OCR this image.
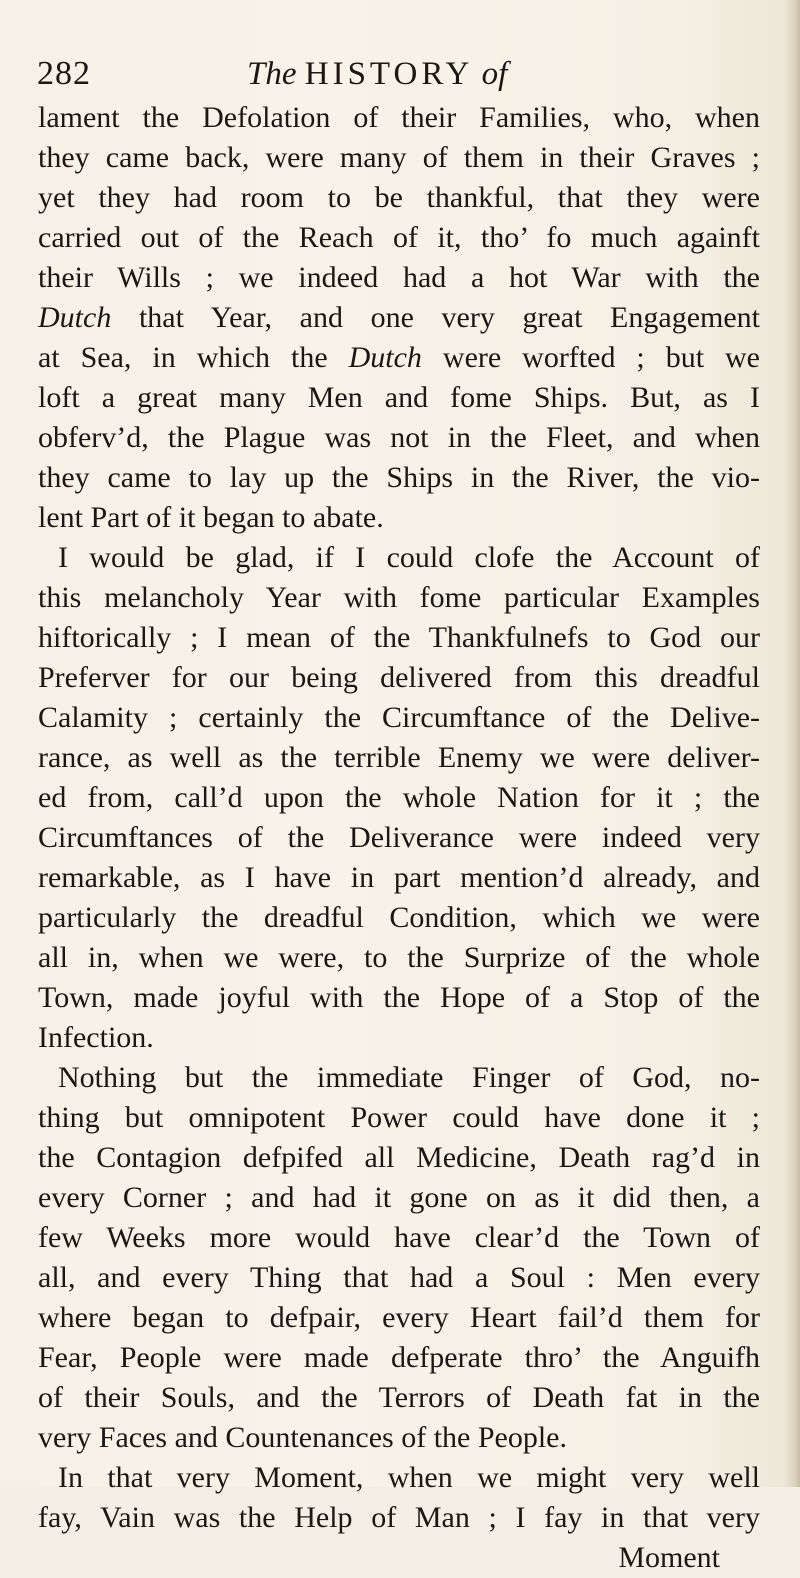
282	The HISTORY of
lament the Defolation of their Families, who, when
they came back, were many of them in their Graves ;
yet they had room to be thankful, that they were
carried out of the Reach of it, tho’ fo much againft
their Wills ; we indeed had a hot War with the
Dutch that Year, and one very great Engagement
at Sea, in which the Dutch were worfted ; but we
loft a great many Men and fome Ships. But, as I
obferv’d, the Plague was not in the Fleet, and when
they came to lay up the Ships in the River, the vio-
lent Part of it began to abate.
I would be glad, if I could clofe the Account of
this melancholy Year with fome particular Examples
hiftorically ; I mean of the Thankfulnefs to God our
Preferver for our being delivered from this dreadful
Calamity ; certainly the Circumftance of the Delive-
rance, as well as the terrible Enemy we were deliver-
ed from, call’d upon the whole Nation for it ; the
Circumftances of the Deliverance were indeed very
remarkable, as I have in part mention’d already, and
particularly the dreadful Condition, which we were
all in, when we were, to the Surprize of the whole
Town, made joyful with the Hope of a Stop of the
Infection.
Nothing but the immediate Finger of God, no-
thing but omnipotent Power could have done it ;
the Contagion defpifed all Medicine, Death rag’d in
every Corner ; and had it gone on as it did then, a
few Weeks more would have clear’d the Town of
all, and every Thing that had a Soul : Men every
where began to defpair, every Heart fail’d them for
Fear, People were made defperate thro’ the Anguifh
of their Souls, and the Terrors of Death fat in the
very Faces and Countenances of the People.
In that very Moment, when we might very well
fay, Vain was the Help of Man ; I fay in that very
Moment
